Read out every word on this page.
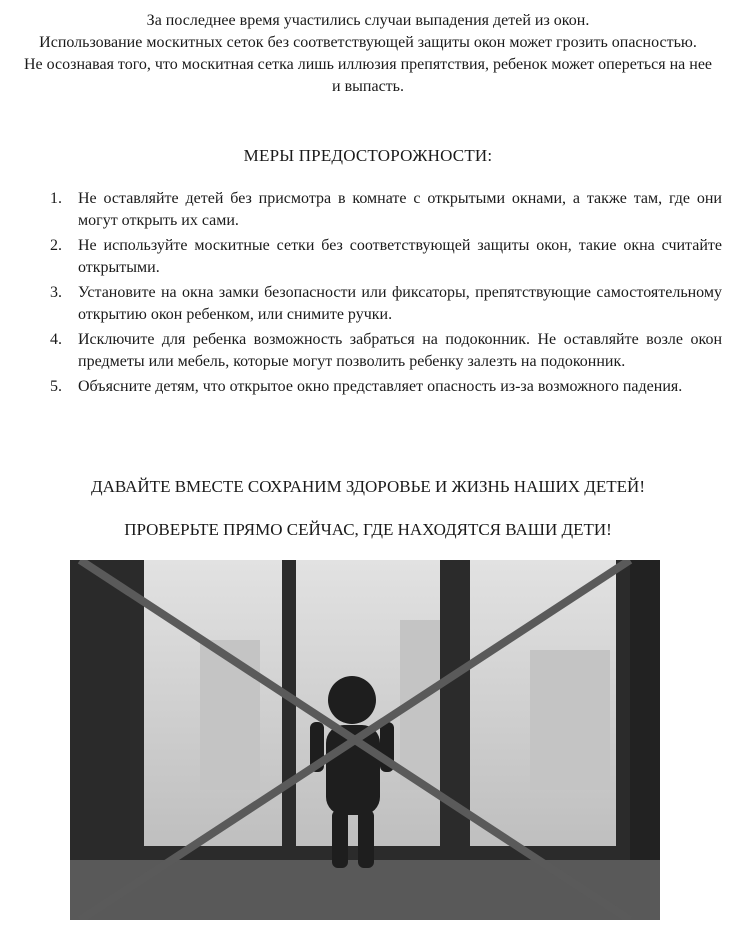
За последнее время участились случаи выпадения детей из окон.

Использование москитных сеток без соответствующей защиты окон может грозить опасностью.

Не осознавая того, что москитная сетка лишь иллюзия препятствия, ребенок может опереться на нее и выпасть.

МЕРЫ ПРЕДОСТОРОЖНОСТИ:
1. Не оставляйте детей без присмотра в комнате с открытыми окнами, а также там, где они могут открыть их сами.
2. Не используйте москитные сетки без соответствующей защиты окон, такие окна считайте открытыми.
3. Установите на окна замки безопасности или фиксаторы, препятствующие самостоятельному открытию окон ребенком, или снимите ручки.
4. Исключите для ребенка возможность забраться на подоконник. Не оставляйте возле окон предметы или мебель, которые могут позволить ребенку залезть на подоконник.
5. Объясните детям, что открытое окно представляет опасность из-за возможного падения.
ДАВАЙТЕ ВМЕСТЕ СОХРАНИМ ЗДОРОВЬЕ И ЖИЗНЬ НАШИХ ДЕТЕЙ!
ПРОВЕРЬТЕ ПРЯМО СЕЙЧАС, ГДЕ НАХОДЯТСЯ ВАШИ ДЕТИ!
